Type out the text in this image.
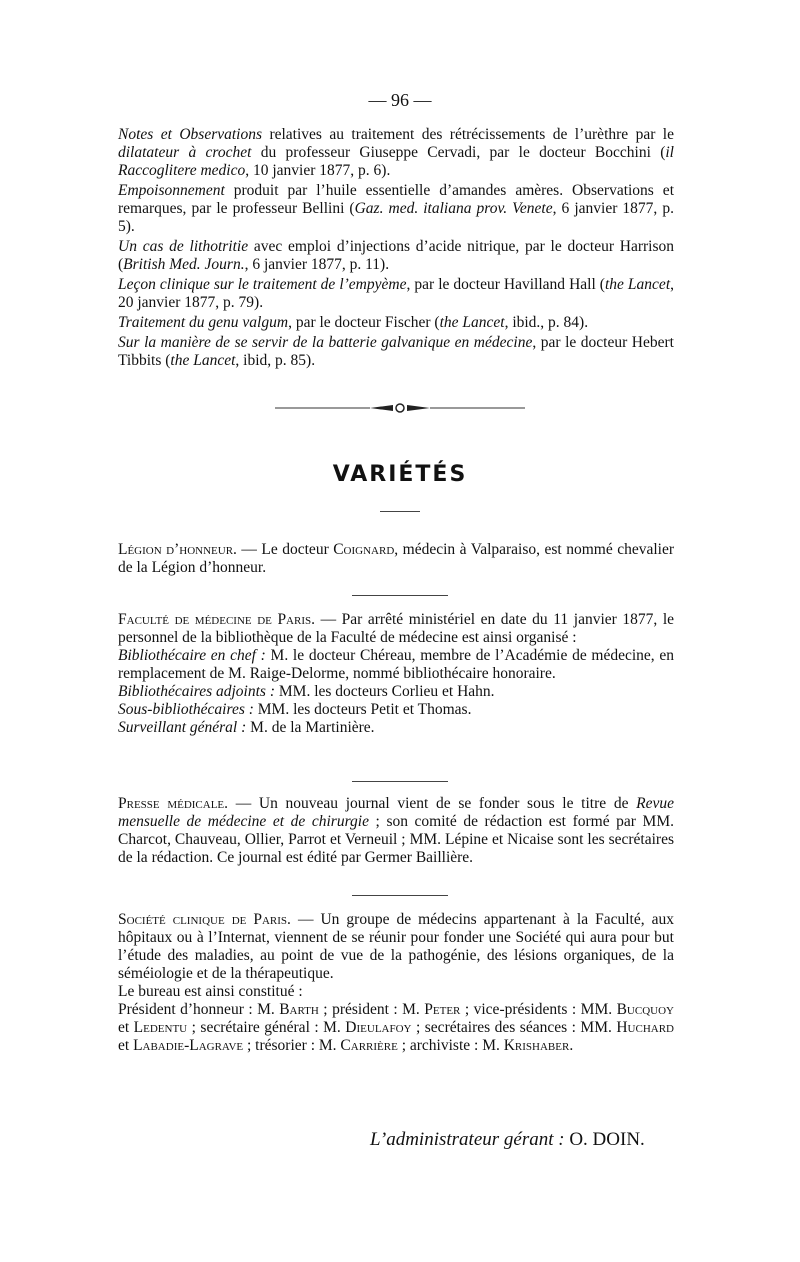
— 96 —

Notes et Observations relatives au traitement des rétrécissements de l’urèthre par le dilatateur à crochet du professeur Giuseppe Cervadi, par le docteur Bocchini (il Raccoglitere medico, 10 janvier 1877, p. 6).

Empoisonnement produit par l’huile essentielle d’amandes amères. Observations et remarques, par le professeur Bellini (Gaz. med. italiana prov. Venete, 6 janvier 1877, p. 5).

Un cas de lithotritie avec emploi d’injections d’acide nitrique, par le docteur Harrison (British Med. Journ., 6 janvier 1877, p. 11).

Leçon clinique sur le traitement de l’empyème, par le docteur Havilland Hall (the Lancet, 20 janvier 1877, p. 79).

Traitement du genu valgum, par le docteur Fischer (the Lancet, ibid., p. 84).

Sur la manière de se servir de la batterie galvanique en médecine, par le docteur Hebert Tibbits (the Lancet, ibid, p. 85).

VARIÉTÉS

Légion d’honneur. — Le docteur Coignard, médecin à Valparaiso, est nommé chevalier de la Légion d’honneur.

Faculté de médecine de Paris. — Par arrêté ministériel en date du 11 janvier 1877, le personnel de la bibliothèque de la Faculté de médecine est ainsi organisé :

Bibliothécaire en chef : M. le docteur Chéreau, membre de l’Académie de médecine, en remplacement de M. Raige-Delorme, nommé bibliothécaire honoraire.

Bibliothécaires adjoints : MM. les docteurs Corlieu et Hahn.

Sous-bibliothécaires : MM. les docteurs Petit et Thomas.

Surveillant général : M. de la Martinière.

Presse médicale. — Un nouveau journal vient de se fonder sous le titre de Revue mensuelle de médecine et de chirurgie ; son comité de rédaction est formé par MM. Charcot, Chauveau, Ollier, Parrot et Verneuil ; MM. Lépine et Nicaise sont les secrétaires de la rédaction. Ce journal est édité par Germer Baillière.

Société clinique de Paris. — Un groupe de médecins appartenant à la Faculté, aux hôpitaux ou à l’Internat, viennent de se réunir pour fonder une Société qui aura pour but l’étude des maladies, au point de vue de la pathogénie, des lésions organiques, de la séméiologie et de la thérapeutique.

Le bureau est ainsi constitué :

Président d’honneur : M. Barth ; président : M. Peter ; vice-présidents : MM. Bucquoy et Ledentu ; secrétaire général : M. Dieulafoy ; secrétaires des séances : MM. Huchard et Labadie-Lagrave ; trésorier : M. Carrière ; archiviste : M. Krishaber.

L’administrateur gérant : O. DOIN.
